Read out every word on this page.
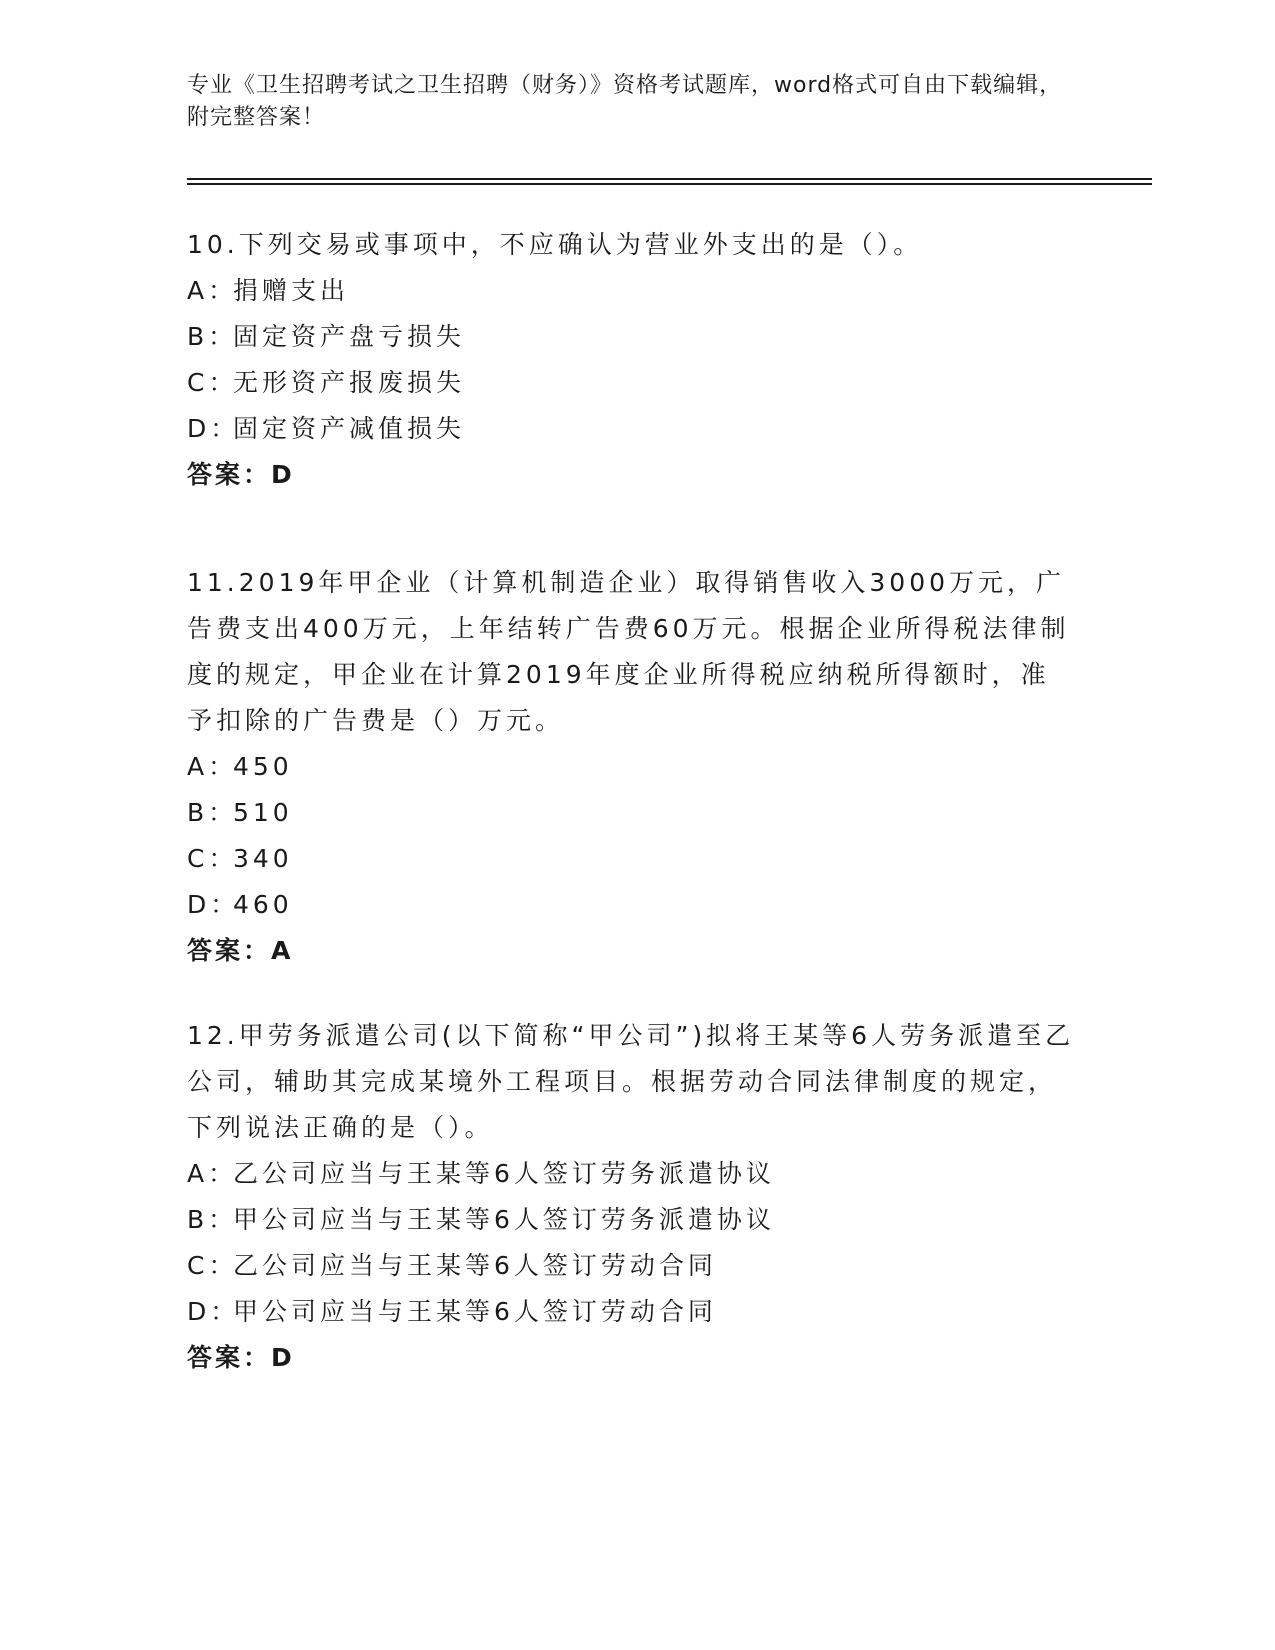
专业《卫生招聘考试之卫生招聘（财务）》资格考试题库，word格式可自由下载编辑，附完整答案！

10.下列交易或事项中，不应确认为营业外支出的是（）。

A：捐赠支出

B：固定资产盘亏损失

C：无形资产报废损失

D：固定资产减值损失

答案：D

11.2019年甲企业（计算机制造企业）取得销售收入3000万元，广告费支出400万元，上年结转广告费60万元。根据企业所得税法律制度的规定，甲企业在计算2019年度企业所得税应纳税所得额时，准予扣除的广告费是（）万元。

A：450

B：510

C：340

D：460

答案：A

12.甲劳务派遣公司(以下简称“甲公司”)拟将王某等6人劳务派遣至乙公司，辅助其完成某境外工程项目。根据劳动合同法律制度的规定，下列说法正确的是（）。

A：乙公司应当与王某等6人签订劳务派遣协议

B：甲公司应当与王某等6人签订劳务派遣协议

C：乙公司应当与王某等6人签订劳动合同

D：甲公司应当与王某等6人签订劳动合同

答案：D
